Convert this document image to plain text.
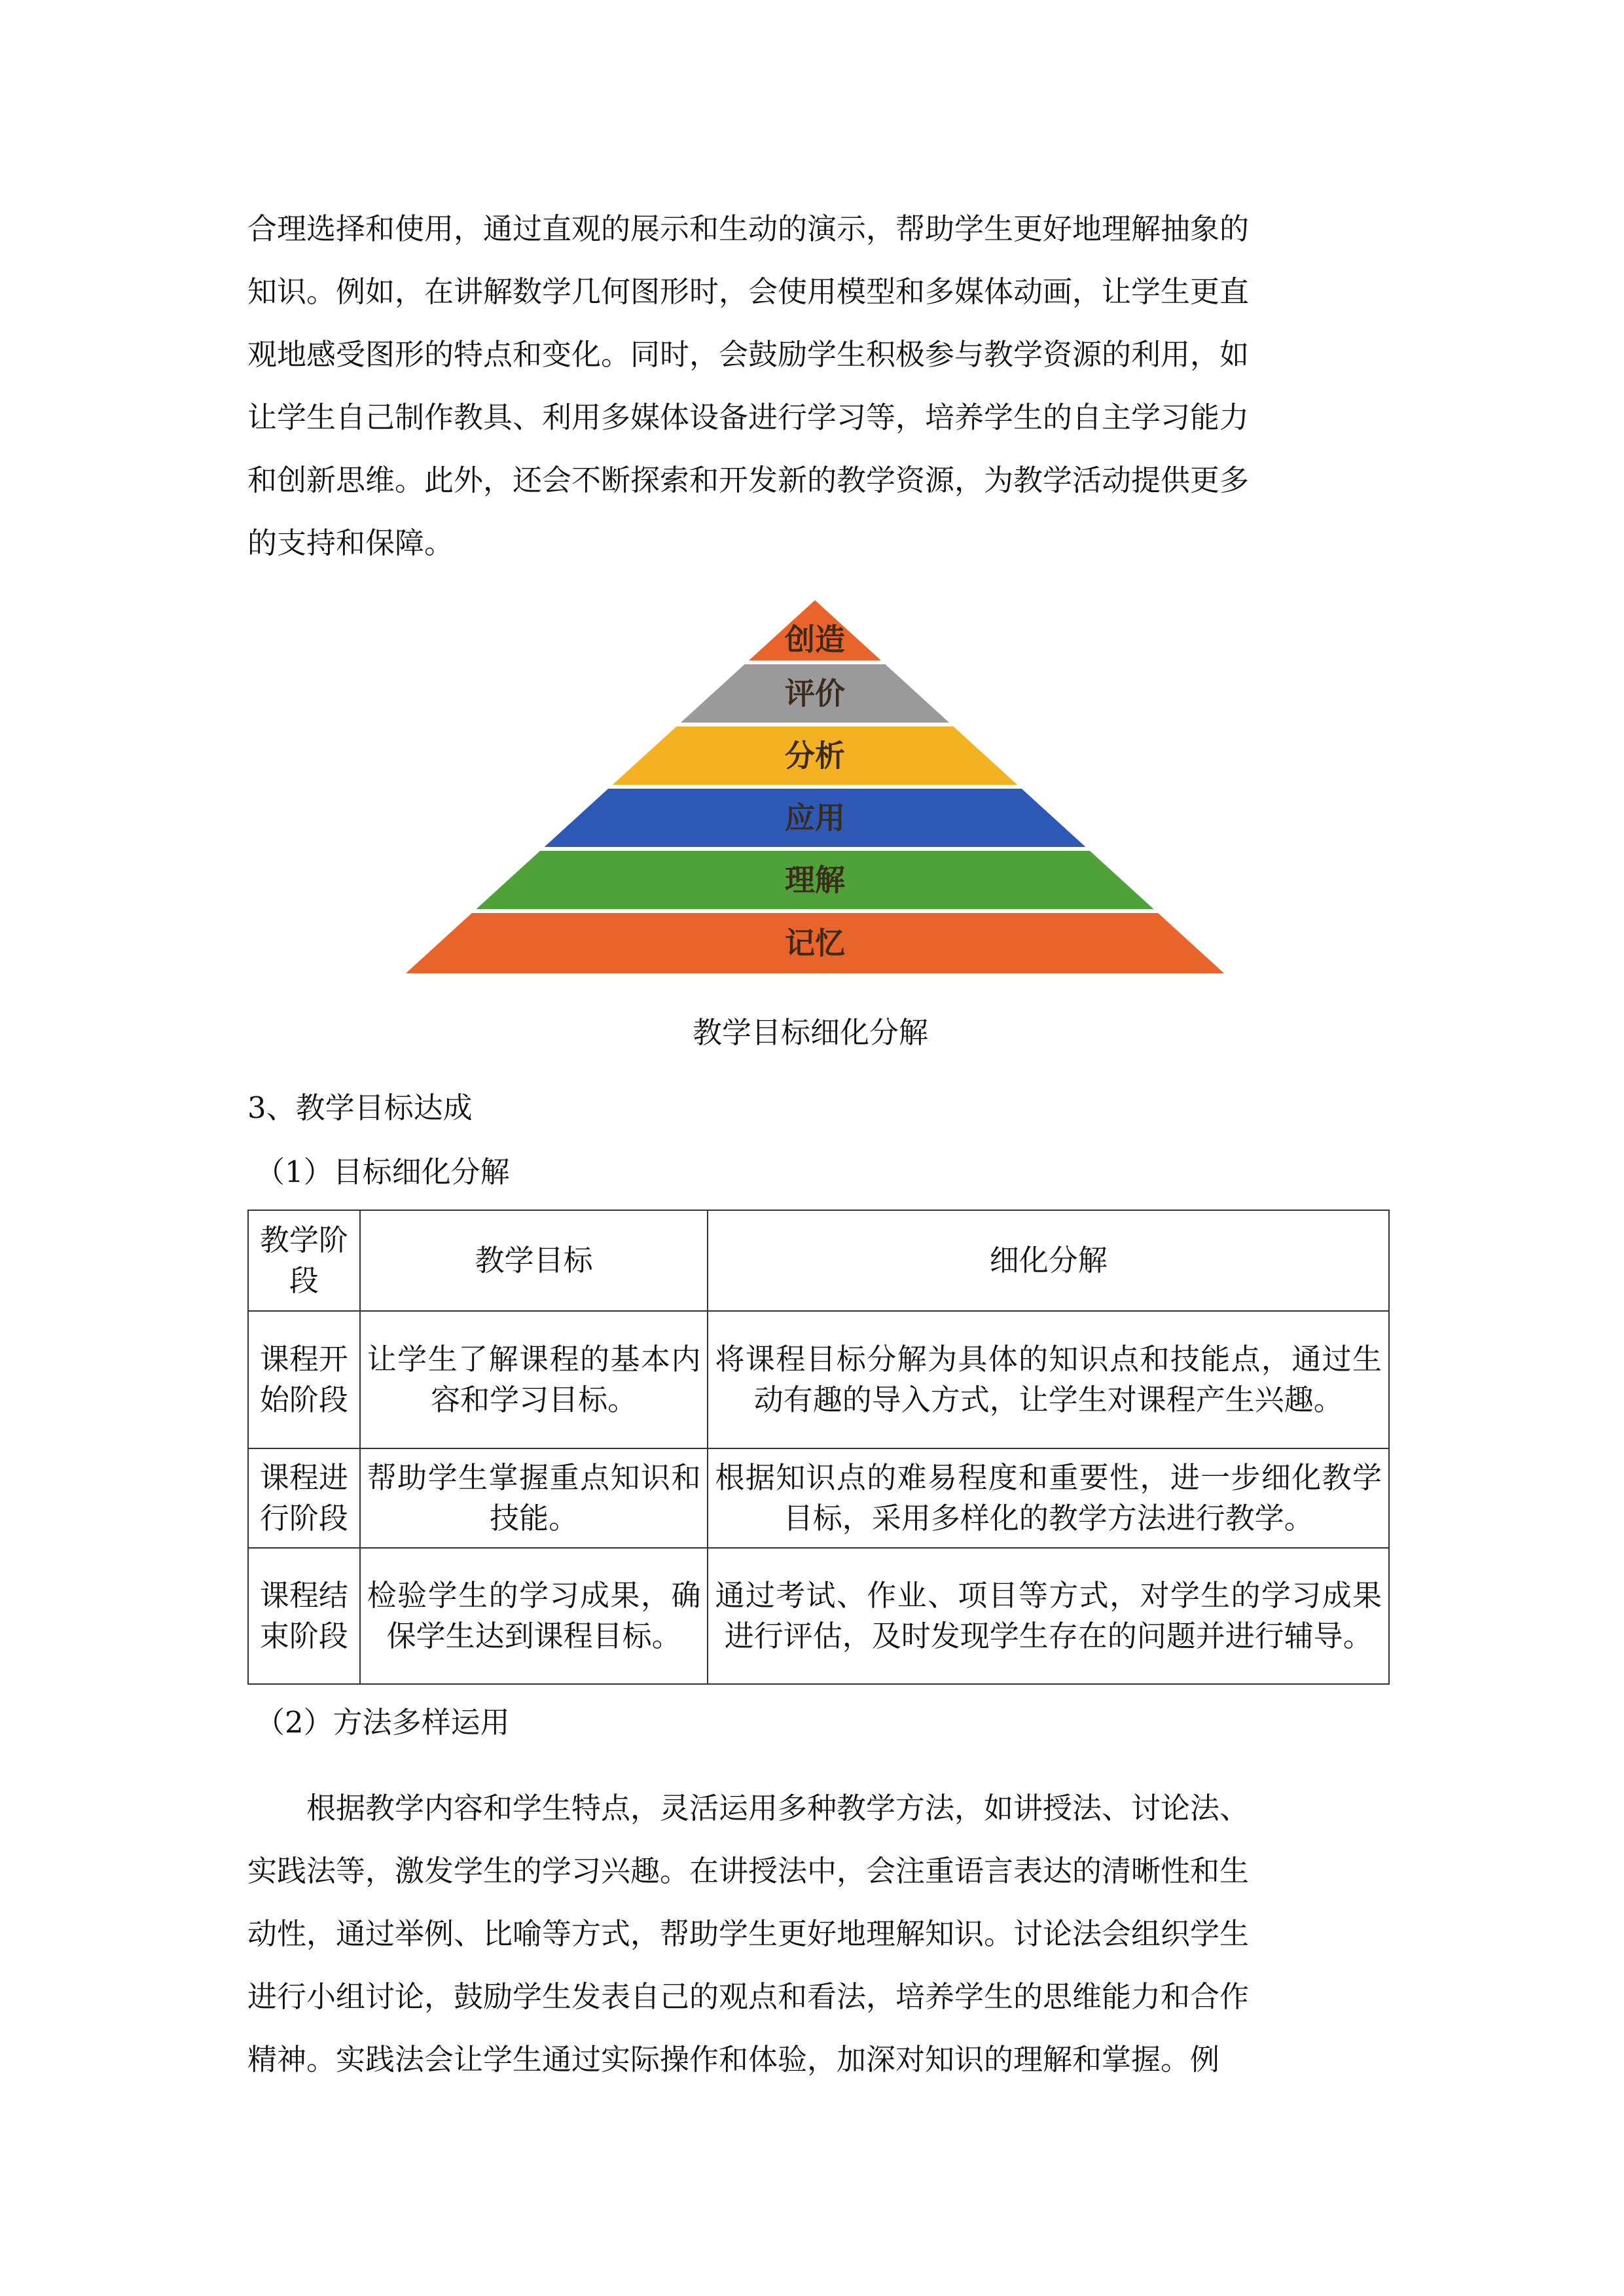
合理选择和使用，通过直观的展示和生动的演示，帮助学生更好地理解抽象的
知识。例如，在讲解数学几何图形时，会使用模型和多媒体动画，让学生更直
观地感受图形的特点和变化。同时，会鼓励学生积极参与教学资源的利用，如
让学生自己制作教具、利用多媒体设备进行学习等，培养学生的自主学习能力
和创新思维。此外，还会不断探索和开发新的教学资源，为教学活动提供更多
的支持和保障。
创造
评价
分析
应用
理解
记忆
教学目标细化分解
3、教学目标达成
（1）目标细化分解
教学阶段	教学目标	细化分解
课程开始阶段	让学生了解课程的基本内容和学习目标。	将课程目标分解为具体的知识点和技能点，通过生动有趣的导入方式，让学生对课程产生兴趣。
课程进行阶段	帮助学生掌握重点知识和技能。	根据知识点的难易程度和重要性，进一步细化教学目标，采用多样化的教学方法进行教学。
课程结束阶段	检验学生的学习成果，确保学生达到课程目标。	通过考试、作业、项目等方式，对学生的学习成果进行评估，及时发现学生存在的问题并进行辅导。
（2）方法多样运用
　　根据教学内容和学生特点，灵活运用多种教学方法，如讲授法、讨论法、
实践法等，激发学生的学习兴趣。在讲授法中，会注重语言表达的清晰性和生
动性，通过举例、比喻等方式，帮助学生更好地理解知识。讨论法会组织学生
进行小组讨论，鼓励学生发表自己的观点和看法，培养学生的思维能力和合作
精神。实践法会让学生通过实际操作和体验，加深对知识的理解和掌握。例
